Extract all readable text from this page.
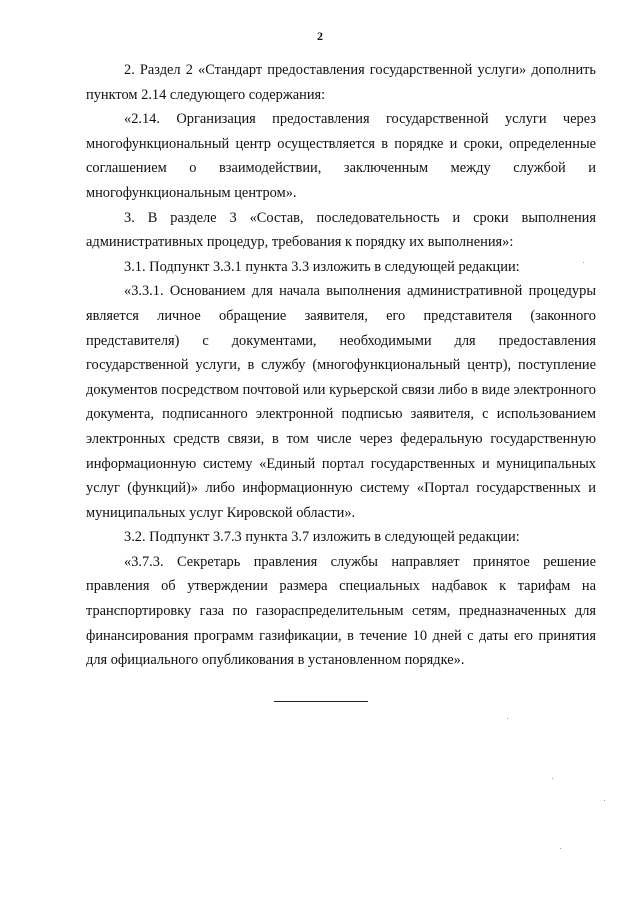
2

2. Раздел 2 «Стандарт предоставления государственной услуги» дополнить пунктом 2.14 следующего содержания:

«2.14. Организация предоставления государственной услуги через многофункциональный центр осуществляется в порядке и сроки, определенные соглашением о взаимодействии, заключенным между службой и многофункциональным центром».

3. В разделе 3 «Состав, последовательность и сроки выполнения административных процедур, требования к порядку их выполнения»:

3.1. Подпункт 3.3.1 пункта 3.3 изложить в следующей редакции:

«3.3.1. Основанием для начала выполнения административной процедуры является личное обращение заявителя, его представителя (законного представителя) с документами, необходимыми для предоставления государственной услуги, в службу (многофункциональный центр), поступление документов посредством почтовой или курьерской связи либо в виде электронного документа, подписанного электронной подписью заявителя, с использованием электронных средств связи, в том числе через федеральную государственную информационную систему «Единый портал государственных и муниципальных услуг (функций)» либо информационную систему «Портал государственных и муниципальных услуг Кировской области».

3.2. Подпункт 3.7.3 пункта 3.7 изложить в следующей редакции:

«3.7.3. Секретарь правления службы направляет принятое решение правления об утверждении размера специальных надбавок к тарифам на транспортировку газа по газораспределительным сетям, предназначенных для финансирования программ газификации, в течение 10 дней с даты его принятия для официального опубликования в установленном порядке».
